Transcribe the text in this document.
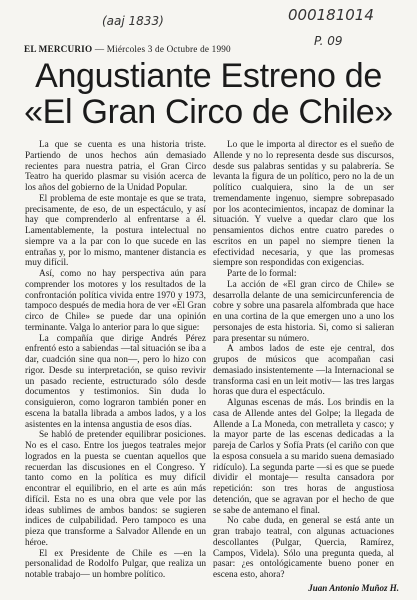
(aaj 1833)	000181014
P. 09
EL MERCURIO — Miércoles 3 de Octubre de 1990
Angustiante Estreno de
«El Gran Circo de Chile»

La que se cuenta es una historia triste. Partiendo de unos hechos aún demasiado recientes para nuestra patria, el Gran Circo Teatro ha querido plasmar su visión acerca de los años del gobierno de la Unidad Popular.

El problema de este montaje es que se trata, precisamente, de eso, de un espectáculo, y así hay que comprenderlo al enfrentarse a él. Lamentablemente, la postura intelectual no siempre va a la par con lo que sucede en las entrañas y, por lo mismo, mantener distancia es muy difícil.

Así, como no hay perspectiva aún para comprender los motores y los resultados de la confrontación política vivida entre 1970 y 1973, tampoco después de media hora de ver «El Gran circo de Chile» se puede dar una opinión terminante. Valga lo anterior para lo que sigue:

La compañía que dirige Andrés Pérez enfrentó esto a sabiendas —tal situación se iba a dar, cuadción sine qua non—, pero lo hizo con rigor. Desde su interpretación, se quiso revivir un pasado reciente, estructurado sólo desde documentos y testimonios. Sin duda lo consiguieron, como lograron también poner en escena la batalla librada a ambos lados, y a los asistentes en la intensa angustia de esos días.

Se habló de pretender equilibrar posiciones. No es el caso. Entre los juegos teatrales mejor logrados en la puesta se cuentan aquellos que recuerdan las discusiones en el Congreso. Y tanto como en la política es muy difícil encontrar el equilibrio, en el arte es aún más difícil. Esta no es una obra que vele por las ideas sublimes de ambos bandos: se sugieren indices de culpabilidad. Pero tampoco es una pieza que transforme a Salvador Allende en un héroe.

El ex Presidente de Chile es —en la personalidad de Rodolfo Pulgar, que realiza un notable trabajo— un hombre político.

Lo que le importa al director es el sueño de Allende y no lo representa desde sus discursos, desde sus palabras sentidas y su palabrería. Se levanta la figura de un político, pero no la de un político cualquiera, sino la de un ser tremendamente ingenuo, siempre sobrepasado por los acontecimientos, incapaz de dominar la situación. Y vuelve a quedar claro que los pensamientos dichos entre cuatro paredes o escritos en un papel no siempre tienen la efectividad necesaria, y que las promesas siempre son respondidas con exigencias.

Parte de lo formal:

La acción de «El gran circo de Chile» se desarrolla delante de una semicircunferencia de cobre y sobre una pasarela alfombrada que hace en una cortina de la que emergen uno a uno los personajes de esta historia. Si, como si salieran para presentar su número.

A ambos lados de este eje central, dos grupos de músicos que acompañan casi demasiado insistentemente —la Internacional se transforma casi en un leit motiv— las tres largas horas que dura el espectáculo.

Algunas escenas de más. Los brindis en la casa de Allende antes del Golpe; la llegada de Allende a La Moneda, con metralleta y casco; y la mayor parte de las escenas dedicadas a la pareja de Carlos y Sofía Prats (el cariño con que la esposa consuela a su marido suena demasiado ridículo). La segunda parte —si es que se puede dividir el montaje— resulta cansadora por repetición: son tres horas de angustiosa detención, que se agravan por el hecho de que se sabe de antemano el final.

No cabe duda, en general se está ante un gran trabajo teatral, con algunas actuaciones descollantes (Pulgar, Quercia, Ramírez, Campos, Videla). Sólo una pregunta queda, al pasar: ¿es ontológicamente bueno poner en escena esto, ahora?

Juan Antonio Muñoz H.
